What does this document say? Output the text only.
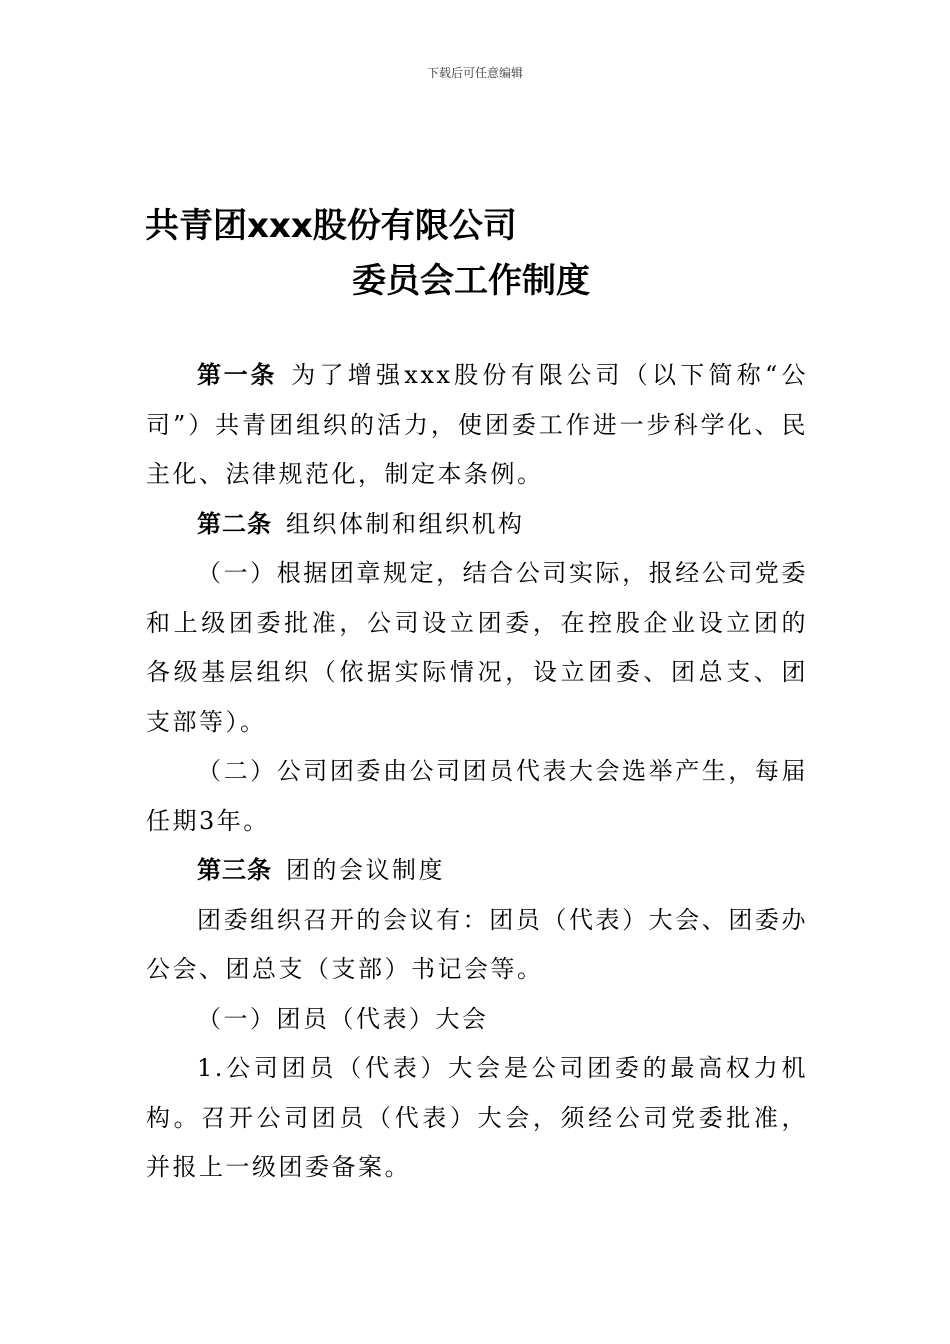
下载后可任意编辑
共青团xxx股份有限公司
委员会工作制度

第一条 为了增强xxx股份有限公司（以下简称“公司”）共青团组织的活力，使团委工作进一步科学化、民主化、法律规范化，制定本条例。

第二条 组织体制和组织机构

（一）根据团章规定，结合公司实际，报经公司党委和上级团委批准，公司设立团委，在控股企业设立团的各级基层组织（依据实际情况，设立团委、团总支、团支部等）。

（二）公司团委由公司团员代表大会选举产生，每届任期3年。

第三条 团的会议制度

团委组织召开的会议有：团员（代表）大会、团委办公会、团总支（支部）书记会等。

（一）团员（代表）大会

1.公司团员（代表）大会是公司团委的最高权力机构。召开公司团员（代表）大会，须经公司党委批准，并报上一级团委备案。
